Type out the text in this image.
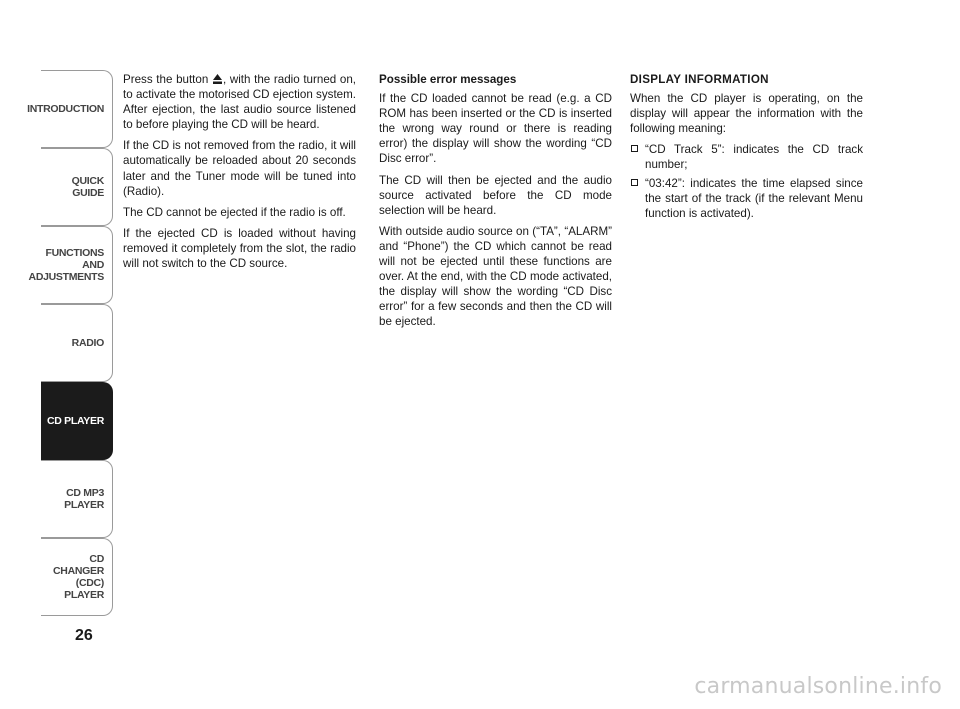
INTRODUCTION
QUICK
GUIDE
FUNCTIONS
AND
ADJUSTMENTS
RADIO
CD PLAYER
CD MP3
PLAYER
CD CHANGER
(CDC) PLAYER
26

Press the button , with the radio turned on, to activate the motorised CD ejection system. After ejection, the last audio source listened to before playing the CD will be heard.

If the CD is not removed from the radio, it will automatically be reloaded about 20 seconds later and the Tuner mode will be tuned into (Radio).

The CD cannot be ejected if the radio is off.

If the ejected CD is loaded without having removed it completely from the slot, the radio will not switch to the CD source.

Possible error messages

If the CD loaded cannot be read (e.g. a CD ROM has been inserted or the CD is inserted the wrong way round or there is reading error) the display will show the wording “CD Disc error”.

The CD will then be ejected and the audio source activated before the CD mode selection will be heard.

With outside audio source on (“TA”, “ALARM” and “Phone”) the CD which cannot be read will not be ejected until these functions are over. At the end, with the CD mode activated, the display will show the wording “CD Disc error” for a few seconds and then the CD will be ejected.

DISPLAY INFORMATION

When the CD player is operating, on the display will appear the information with the following meaning:

“CD Track 5”: indicates the CD track number;
“03:42”: indicates the time elapsed since the start of the track (if the relevant Menu function is activated).
carmanualsonline.info
